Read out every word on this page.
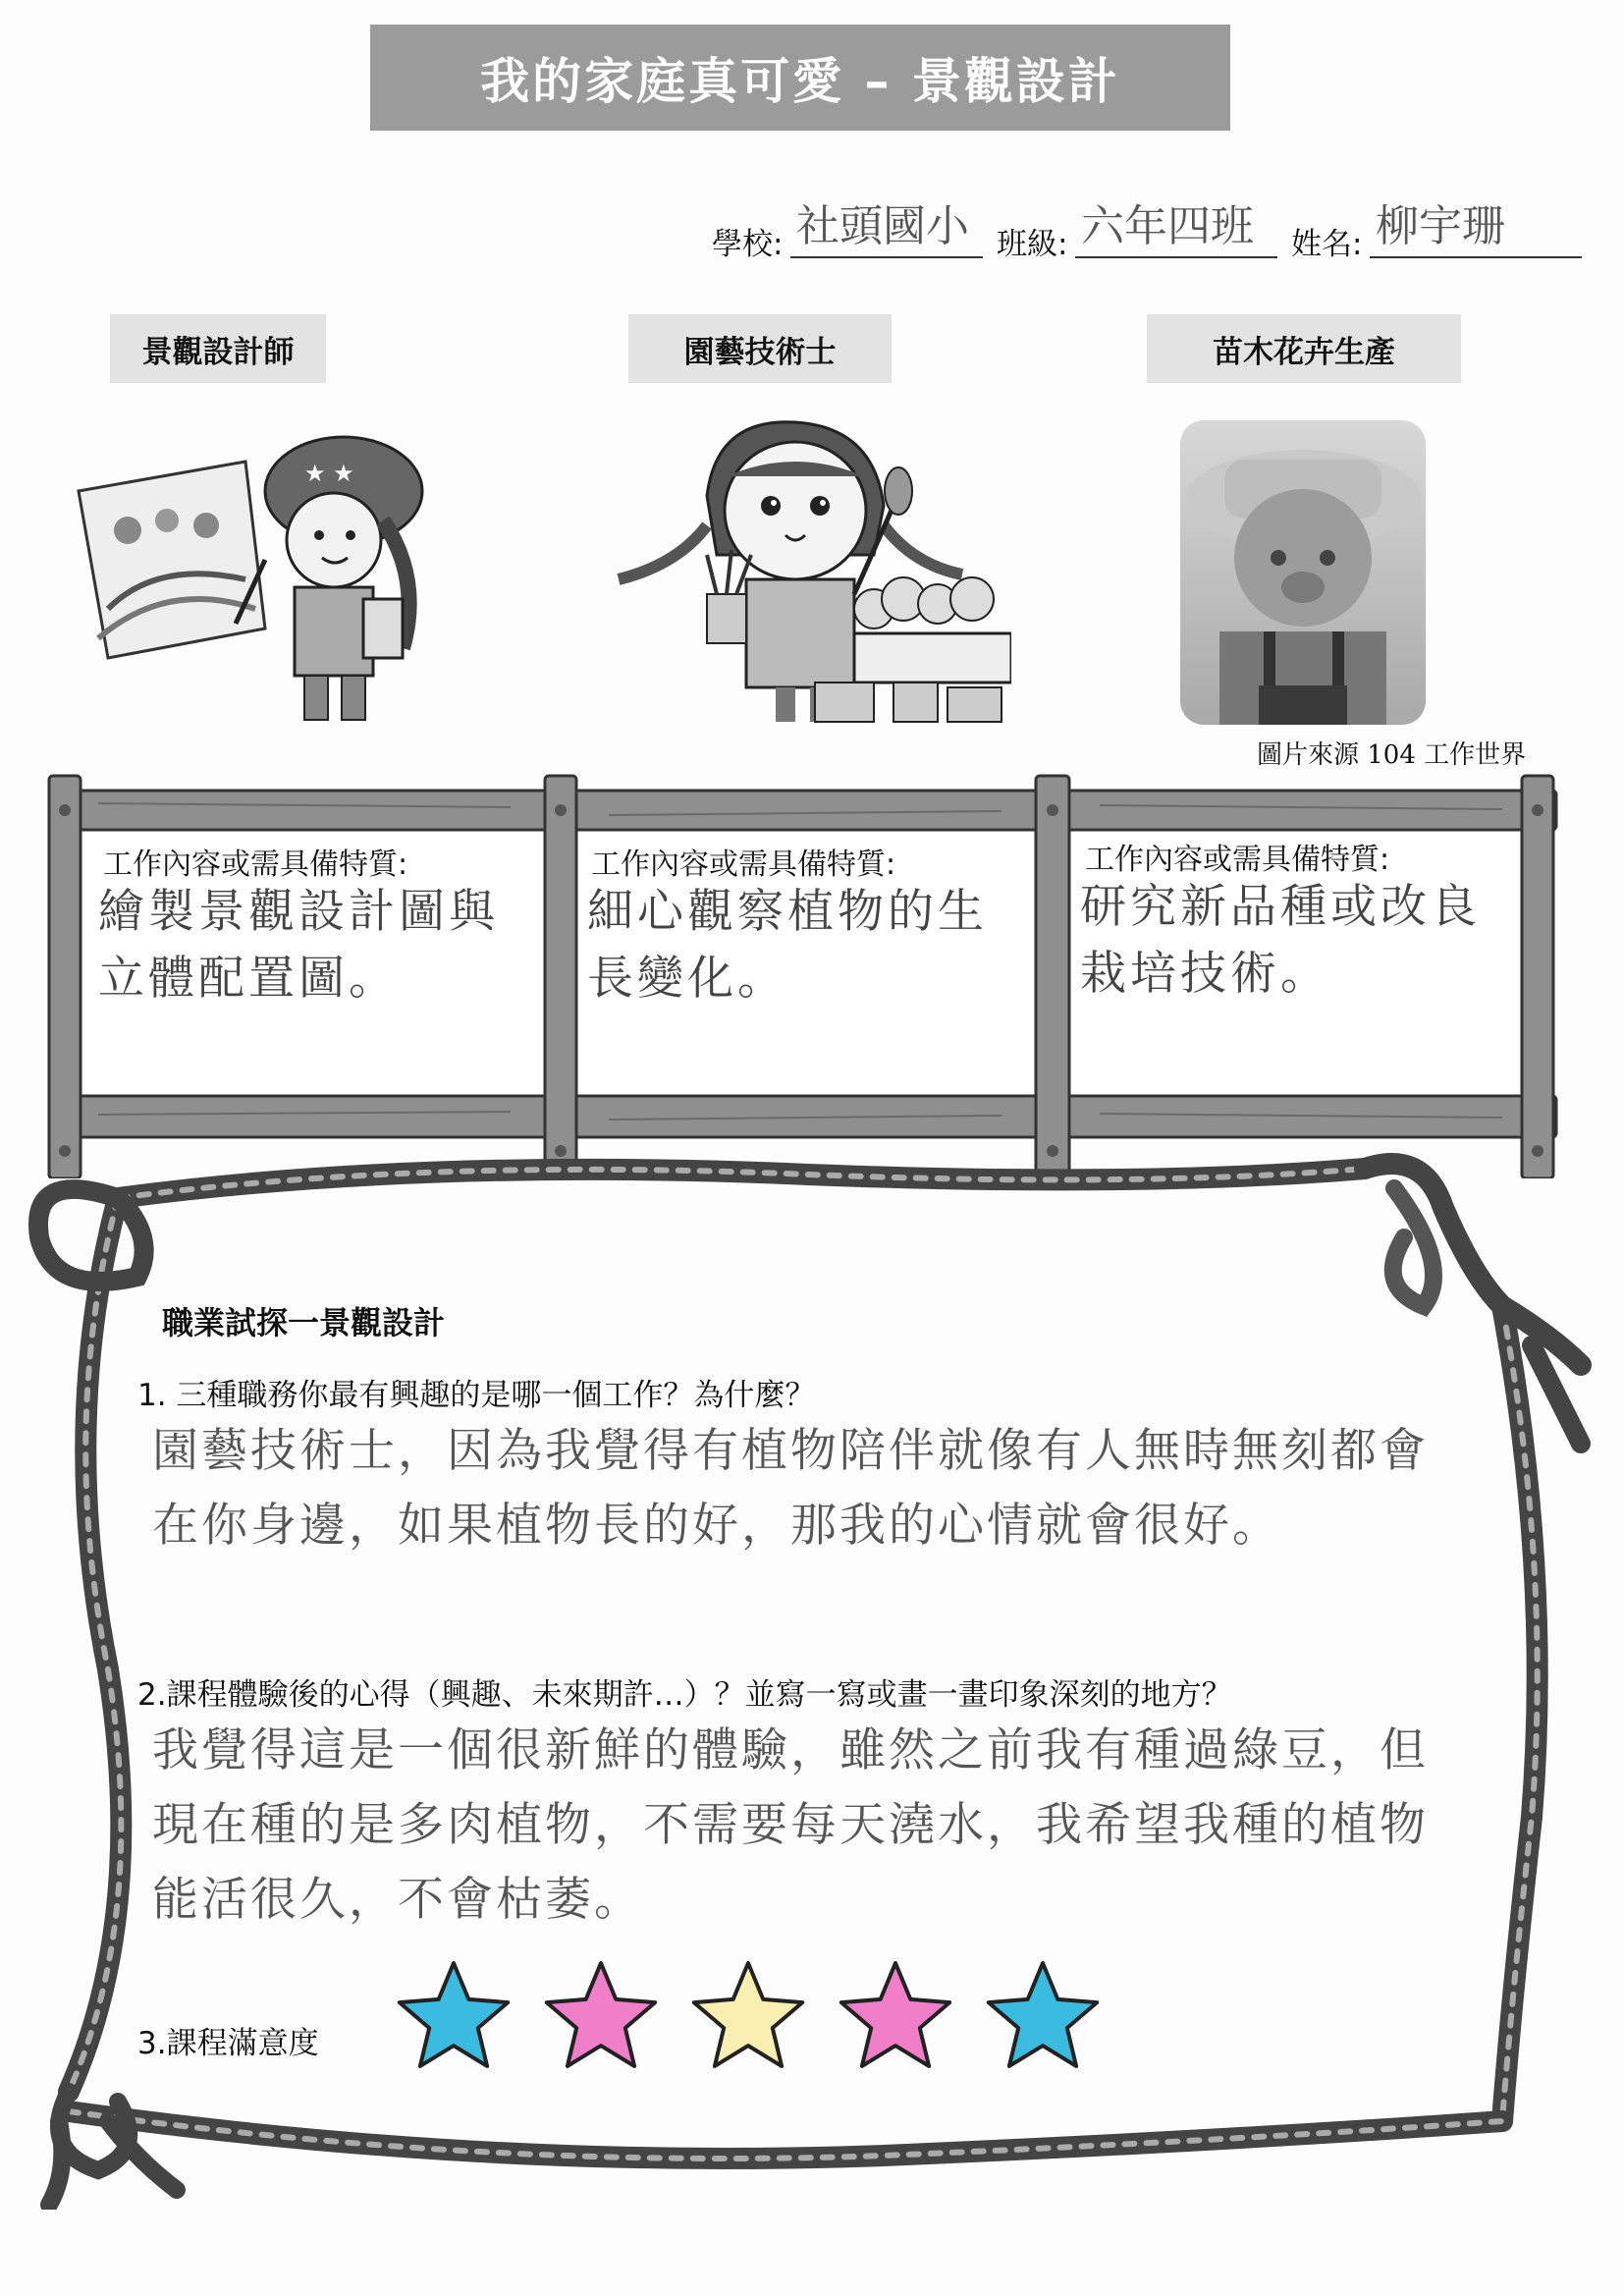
我的家庭真可愛 – 景觀設計
學校: 社頭國小 班級: 六年四班	姓名: 柳宇珊
景觀設計師	園藝技術士	苗木花卉生產
★ ★
圖片來源 104 工作世界
工作內容或需具備特質:
繪製景觀設計圖與立體配置圖。
工作內容或需具備特質:
細心觀察植物的生長變化。
工作內容或需具備特質:
研究新品種或改良栽培技術。
職業試探一景觀設計
1. 三種職務你最有興趣的是哪一個工作？為什麼？
園藝技術士，因為我覺得有植物陪伴就像有人無時無刻都會在你身邊，如果植物長的好，那我的心情就會很好。
2.課程體驗後的心得（興趣、未來期許…）？並寫一寫或畫一畫印象深刻的地方？
我覺得這是一個很新鮮的體驗，雖然之前我有種過綠豆，但現在種的是多肉植物，不需要每天澆水，我希望我種的植物能活很久，不會枯萎。
3.課程滿意度
